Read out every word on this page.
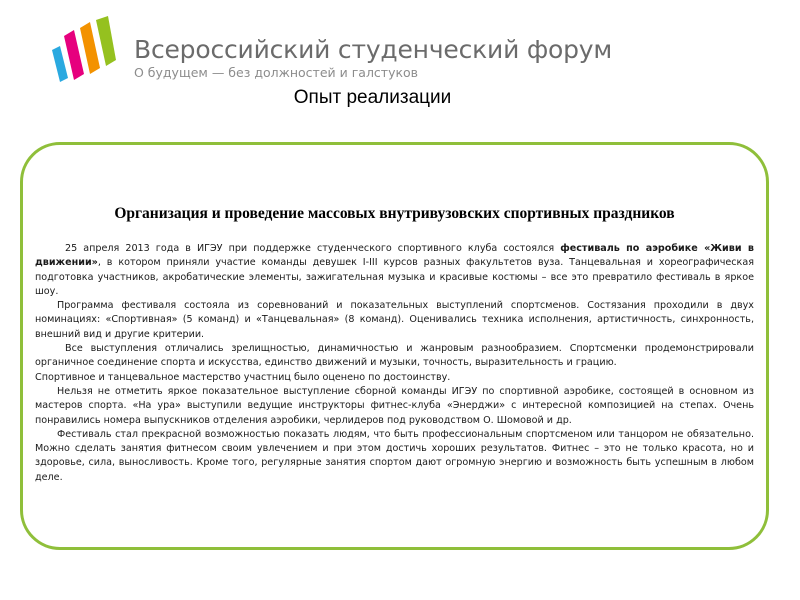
Всероссийский студенческий форум
О будущем — без должностей и галстуков
Опыт реализации
Организация и проведение массовых внутривузовских спортивных праздников

25 апреля 2013 года в ИГЭУ при поддержке студенческого спортивного клуба состоялся фестиваль по аэробике «Живи в движении», в котором приняли участие команды девушек I-III курсов разных факультетов вуза. Танцевальная и хореографическая подготовка участников, акробатические элементы, зажигательная музыка и красивые костюмы – все это превратило фестиваль в яркое шоу.

Программа фестиваля состояла из соревнований и показательных выступлений спортсменов. Состязания проходили в двух номинациях: «Спортивная» (5 команд) и «Танцевальная» (8 команд). Оценивались техника исполнения, артистичность, синхронность, внешний вид и другие критерии.

Все выступления отличались зрелищностью, динамичностью и жанровым разнообразием. Спортсменки продемонстрировали органичное соединение спорта и искусства, единство движений и музыки, точность, выразительность и грацию.

Спортивное и танцевальное мастерство участниц было оценено по достоинству.

Нельзя не отметить яркое показательное выступление сборной команды ИГЭУ по спортивной аэробике, состоящей в основном из мастеров спорта. «На ура» выступили ведущие инструкторы фитнес-клуба «Энерджи» с интересной композицией на степах. Очень понравились номера выпускников отделения аэробики, черлидеров под руководством О. Шомовой и др.

Фестиваль стал прекрасной возможностью показать людям, что быть профессиональным спортсменом или танцором не обязательно. Можно сделать занятия фитнесом своим увлечением и при этом достичь хороших результатов. Фитнес – это не только красота, но и здоровье, сила, выносливость. Кроме того, регулярные занятия спортом дают огромную энергию и возможность быть успешным в любом деле.
